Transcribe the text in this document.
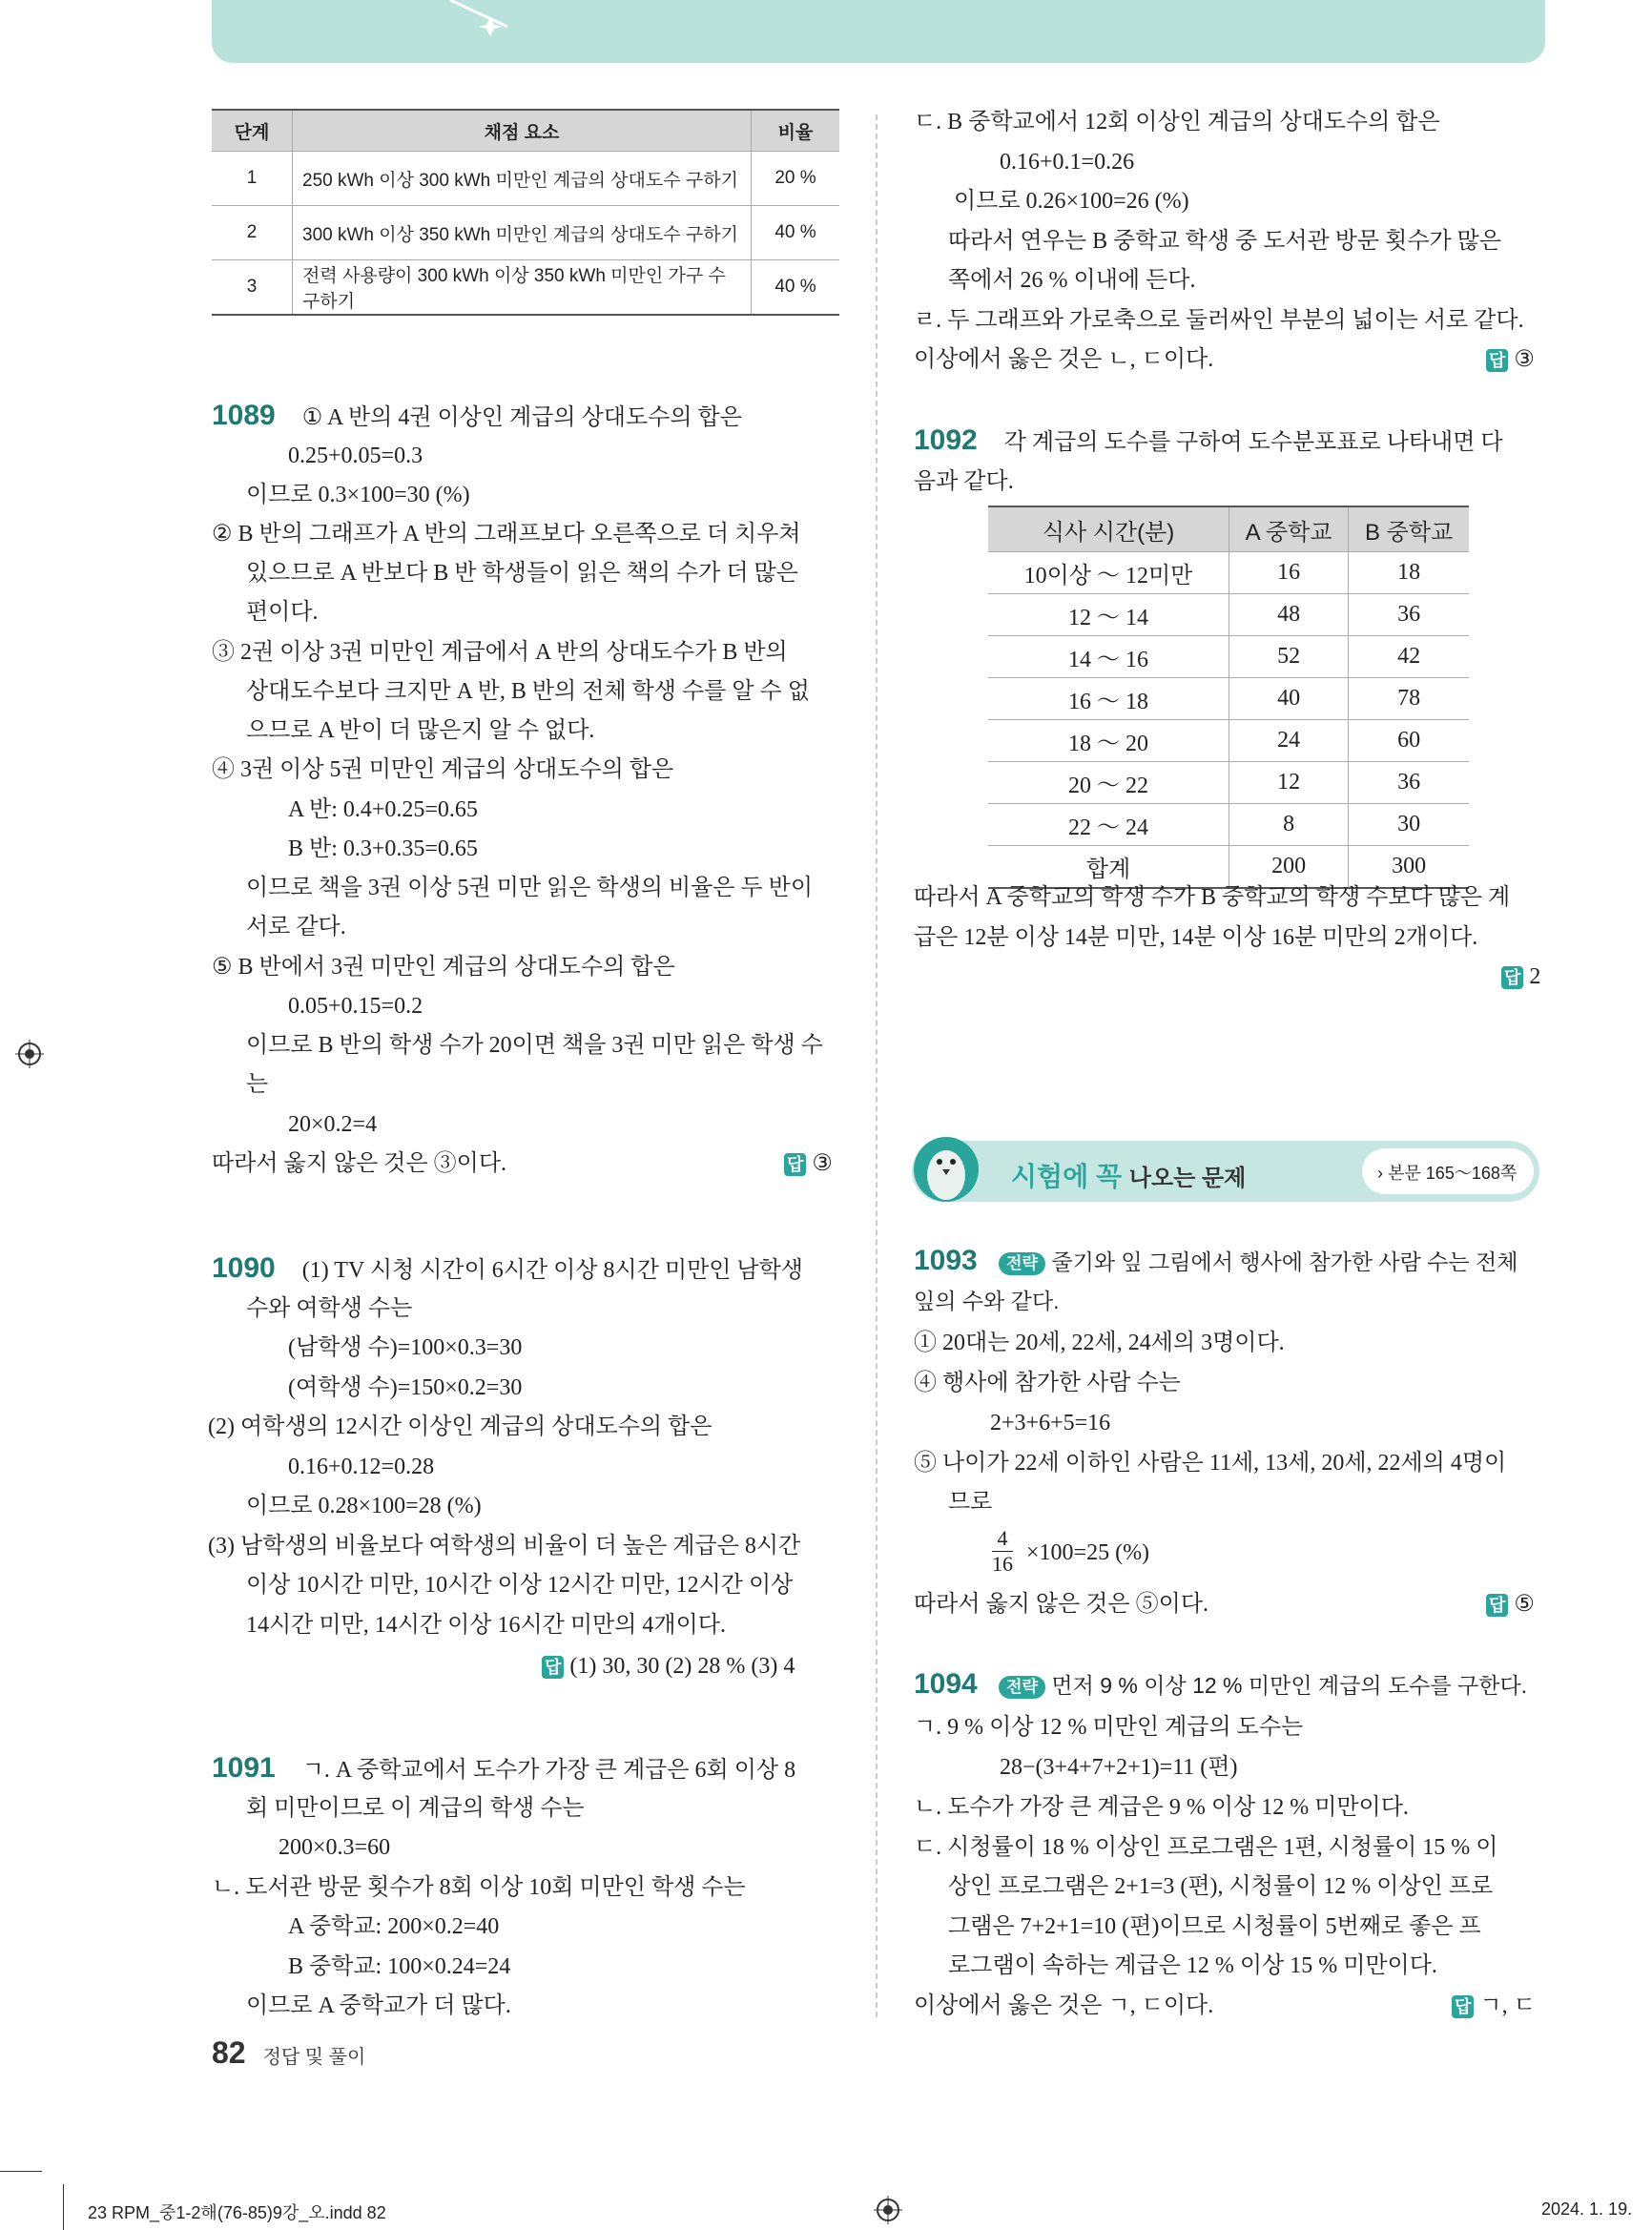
단계	채점 요소	비율
1	250 kWh 이상 300 kWh 미만인 계급의 상대도수 구하기	20 %
2	300 kWh 이상 350 kWh 미만인 계급의 상대도수 구하기	40 %
3	전력 사용량이 300 kWh 이상 350 kWh 미만인 가구 수 구하기	40 %
1089 ① A 반의 4권 이상인 계급의 상대도수의 합은
0.25+0.05=0.3
이므로 0.3×100=30 (%)
② B 반의 그래프가 A 반의 그래프보다 오른쪽으로 더 치우쳐
있으므로 A 반보다 B 반 학생들이 읽은 책의 수가 더 많은
편이다.
③ 2권 이상 3권 미만인 계급에서 A 반의 상대도수가 B 반의
상대도수보다 크지만 A 반, B 반의 전체 학생 수를 알 수 없
으므로 A 반이 더 많은지 알 수 없다.
④ 3권 이상 5권 미만인 계급의 상대도수의 합은
A 반: 0.4+0.25=0.65
B 반: 0.3+0.35=0.65
이므로 책을 3권 이상 5권 미만 읽은 학생의 비율은 두 반이
서로 같다.
⑤ B 반에서 3권 미만인 계급의 상대도수의 합은
0.05+0.15=0.2
이므로 B 반의 학생 수가 20이면 책을 3권 미만 읽은 학생 수
는
20×0.2=4
따라서 옳지 않은 것은 ③이다.	답 ③
1090 (1) TV 시청 시간이 6시간 이상 8시간 미만인 남학생
수와 여학생 수는
(남학생 수)=100×0.3=30
(여학생 수)=150×0.2=30
(2) 여학생의 12시간 이상인 계급의 상대도수의 합은
0.16+0.12=0.28
이므로 0.28×100=28 (%)
(3) 남학생의 비율보다 여학생의 비율이 더 높은 계급은 8시간
이상 10시간 미만, 10시간 이상 12시간 미만, 12시간 이상
14시간 미만, 14시간 이상 16시간 미만의 4개이다.
답 (1) 30, 30 (2) 28 % (3) 4
1091 ㄱ. A 중학교에서 도수가 가장 큰 계급은 6회 이상 8
회 미만이므로 이 계급의 학생 수는
200×0.3=60
ㄴ. 도서관 방문 횟수가 8회 이상 10회 미만인 학생 수는
A 중학교: 200×0.2=40
B 중학교: 100×0.24=24
이므로 A 중학교가 더 많다.
82 정답 및 풀이
ㄷ. B 중학교에서 12회 이상인 계급의 상대도수의 합은
0.16+0.1=0.26
이므로 0.26×100=26 (%)
따라서 연우는 B 중학교 학생 중 도서관 방문 횟수가 많은
쪽에서 26 % 이내에 든다.
ㄹ. 두 그래프와 가로축으로 둘러싸인 부분의 넓이는 서로 같다.
이상에서 옳은 것은 ㄴ, ㄷ이다.	답 ③
1092 각 계급의 도수를 구하여 도수분포표로 나타내면 다
음과 같다.
식사 시간(분)	A 중학교	B 중학교
10이상 ～ 12미만	16	18
12 ～ 14	48	36
14 ～ 16	52	42
16 ～ 18	40	78
18 ～ 20	24	60
20 ～ 22	12	36
22 ～ 24	8	30
합계	200	300
따라서 A 중학교의 학생 수가 B 중학교의 학생 수보다 많은 계
급은 12분 이상 14분 미만, 14분 이상 16분 미만의 2개이다.
답 2
시험에 꼭 나오는 문제	› 본문 165～168쪽
1093 전략 줄기와 잎 그림에서 행사에 참가한 사람 수는 전체
잎의 수와 같다.
① 20대는 20세, 22세, 24세의 3명이다.
④ 행사에 참가한 사람 수는
2+3+6+5=16
⑤ 나이가 22세 이하인 사람은 11세, 13세, 20세, 22세의 4명이
므로
$\frac{4}{16} \times 100=25$ (%)
따라서 옳지 않은 것은 ⑤이다.	답 ⑤
1094 전략 먼저 9 % 이상 12 % 미만인 계급의 도수를 구한다.
ㄱ. 9 % 이상 12 % 미만인 계급의 도수는
28−(3+4+7+2+1)=11 (편)
ㄴ. 도수가 가장 큰 계급은 9 % 이상 12 % 미만이다.
ㄷ. 시청률이 18 % 이상인 프로그램은 1편, 시청률이 15 % 이
상인 프로그램은 2+1=3 (편), 시청률이 12 % 이상인 프로
그램은 7+2+1=10 (편)이므로 시청률이 5번째로 좋은 프
로그램이 속하는 계급은 12 % 이상 15 % 미만이다.
이상에서 옳은 것은 ㄱ, ㄷ이다.	답 ㄱ, ㄷ
23 RPM_중1-2해(76-85)9강_오.indd 82	2024. 1. 19.
